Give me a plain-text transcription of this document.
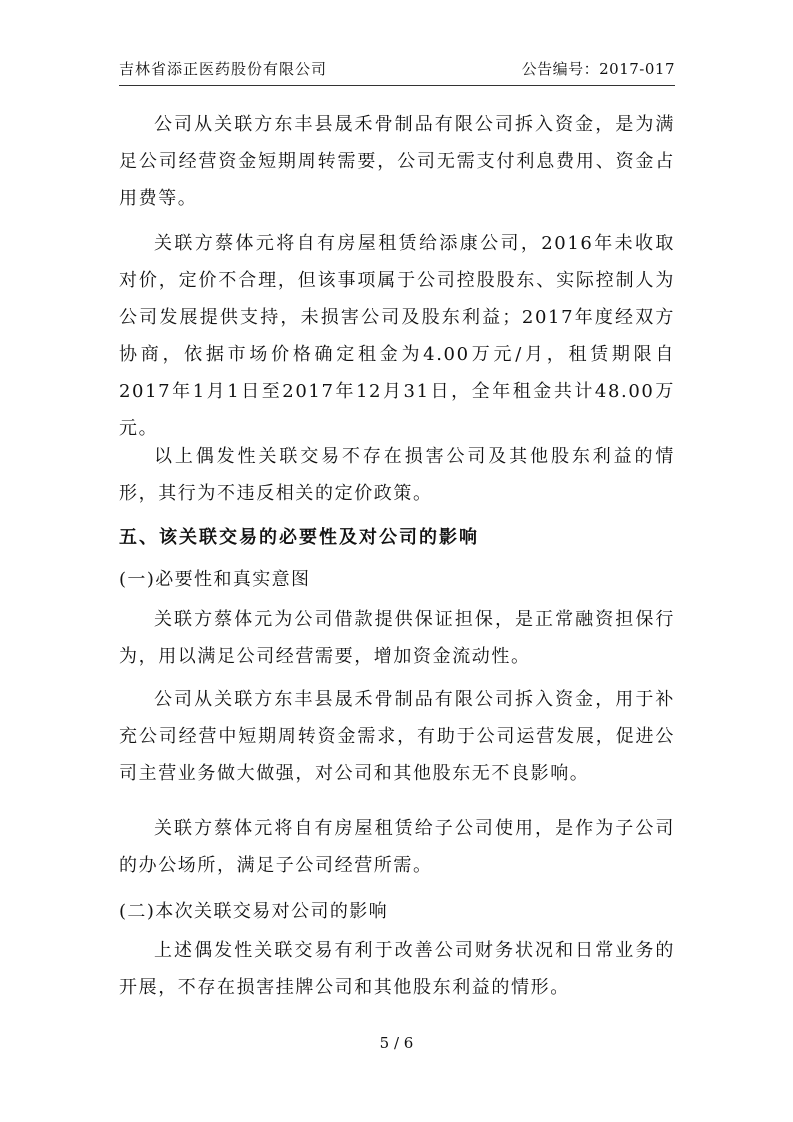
吉林省添正医药股份有限公司	公告编号：2017-017
公司从关联方东丰县晟禾骨制品有限公司拆入资金，是为满足公司经营资金短期周转需要，公司无需支付利息费用、资金占用费等。
关联方蔡体元将自有房屋租赁给添康公司，2016年未收取对价，定价不合理，但该事项属于公司控股股东、实际控制人为公司发展提供支持，未损害公司及股东利益；2017年度经双方协商，依据市场价格确定租金为4.00万元/月，租赁期限自2017年1月1日至2017年12月31日，全年租金共计48.00万元。
以上偶发性关联交易不存在损害公司及其他股东利益的情形，其行为不违反相关的定价政策。
五、该关联交易的必要性及对公司的影响
(一)必要性和真实意图
关联方蔡体元为公司借款提供保证担保，是正常融资担保行为，用以满足公司经营需要，增加资金流动性。
公司从关联方东丰县晟禾骨制品有限公司拆入资金，用于补充公司经营中短期周转资金需求，有助于公司运营发展，促进公司主营业务做大做强，对公司和其他股东无不良影响。
关联方蔡体元将自有房屋租赁给子公司使用，是作为子公司的办公场所，满足子公司经营所需。
(二)本次关联交易对公司的影响
上述偶发性关联交易有利于改善公司财务状况和日常业务的开展，不存在损害挂牌公司和其他股东利益的情形。
5 / 6
